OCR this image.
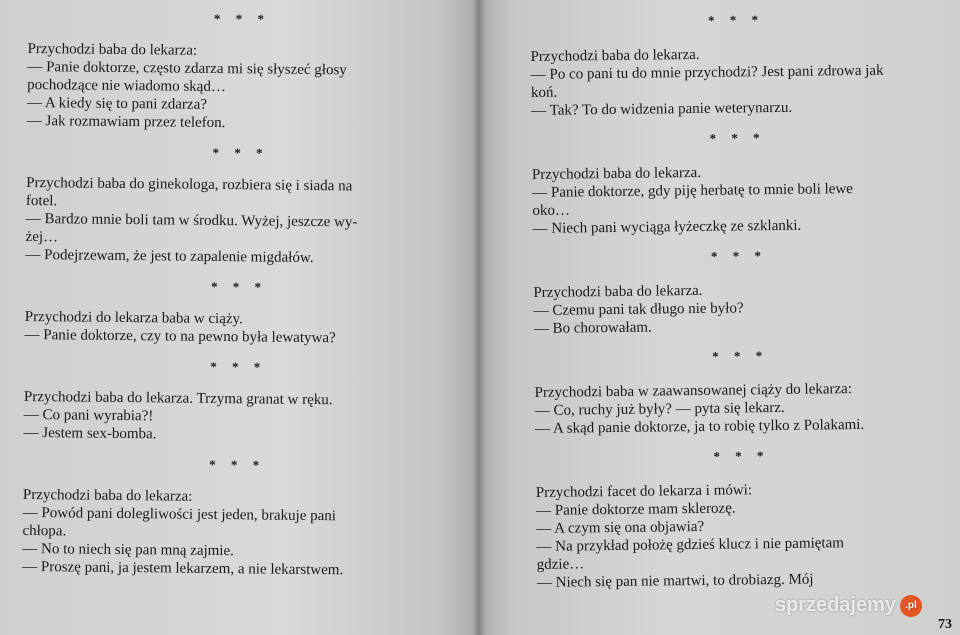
* * *

Przychodzi baba do lekarza:

— Panie doktorze, często zdarza mi się słyszeć głosy

pochodzące nie wiadomo skąd…

— A kiedy się to pani zdarza?

— Jak rozmawiam przez telefon.

* * *

Przychodzi baba do ginekologa, rozbiera się i siada na

fotel.

— Bardzo mnie boli tam w środku. Wyżej, jeszcze wy-

żej…

— Podejrzewam, że jest to zapalenie migdałów.

* * *

Przychodzi do lekarza baba w ciąży.

— Panie doktorze, czy to na pewno była lewatywa?

* * *

Przychodzi baba do lekarza. Trzyma granat w ręku.

— Co pani wyrabia?!

— Jestem sex-bomba.

* * *

Przychodzi baba do lekarza:

— Powód pani dolegliwości jest jeden, brakuje pani

chłopa.

— No to niech się pan mną zajmie.

— Proszę pani, ja jestem lekarzem, a nie lekarstwem.

* * *

Przychodzi baba do lekarza.

— Po co pani tu do mnie przychodzi? Jest pani zdrowa jak

koń.

— Tak? To do widzenia panie weterynarzu.

* * *

Przychodzi baba do lekarza.

— Panie doktorze, gdy piję herbatę to mnie boli lewe

oko…

— Niech pani wyciąga łyżeczkę ze szklanki.

* * *

Przychodzi baba do lekarza.

— Czemu pani tak długo nie było?

— Bo chorowałam.

* * *

Przychodzi baba w zaawansowanej ciąży do lekarza:

— Co, ruchy już były? — pyta się lekarz.

— A skąd panie doktorze, ja to robię tylko z Polakami.

* * *

Przychodzi facet do lekarza i mówi:

— Panie doktorze mam sklerozę.

— A czym się ona objawia?

— Na przykład położę gdzieś klucz i nie pamiętam

gdzie…

— Niech się pan nie martwi, to drobiazg. Mój

73
sprzedajemy .pl
